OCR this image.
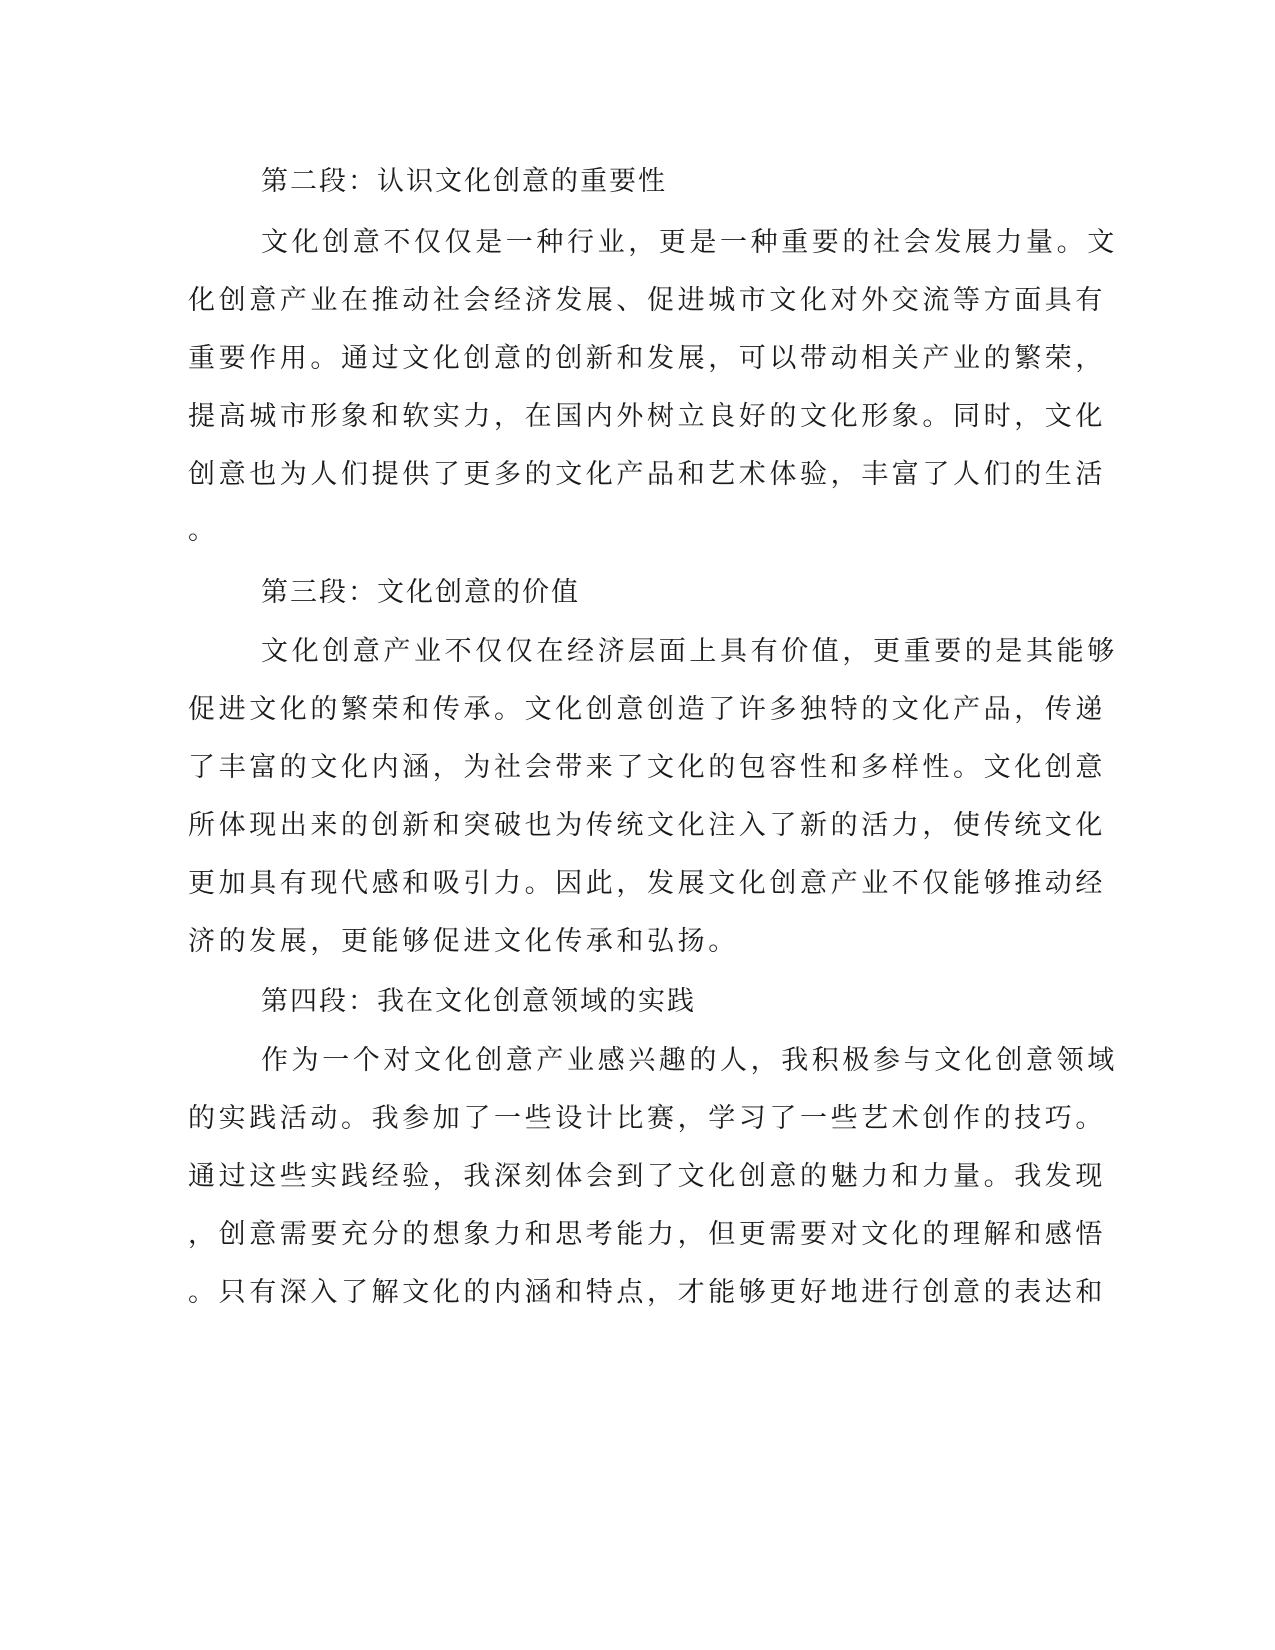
第二段：认识文化创意的重要性
文化创意不仅仅是一种行业，更是一种重要的社会发展力量。文
化创意产业在推动社会经济发展、促进城市文化对外交流等方面具有
重要作用。通过文化创意的创新和发展，可以带动相关产业的繁荣，
提高城市形象和软实力，在国内外树立良好的文化形象。同时，文化
创意也为人们提供了更多的文化产品和艺术体验，丰富了人们的生活
。
第三段：文化创意的价值
文化创意产业不仅仅在经济层面上具有价值，更重要的是其能够
促进文化的繁荣和传承。文化创意创造了许多独特的文化产品，传递
了丰富的文化内涵，为社会带来了文化的包容性和多样性。文化创意
所体现出来的创新和突破也为传统文化注入了新的活力，使传统文化
更加具有现代感和吸引力。因此，发展文化创意产业不仅能够推动经
济的发展，更能够促进文化传承和弘扬。
第四段：我在文化创意领域的实践
作为一个对文化创意产业感兴趣的人，我积极参与文化创意领域
的实践活动。我参加了一些设计比赛，学习了一些艺术创作的技巧。
通过这些实践经验，我深刻体会到了文化创意的魅力和力量。我发现
，创意需要充分的想象力和思考能力，但更需要对文化的理解和感悟
。只有深入了解文化的内涵和特点，才能够更好地进行创意的表达和
